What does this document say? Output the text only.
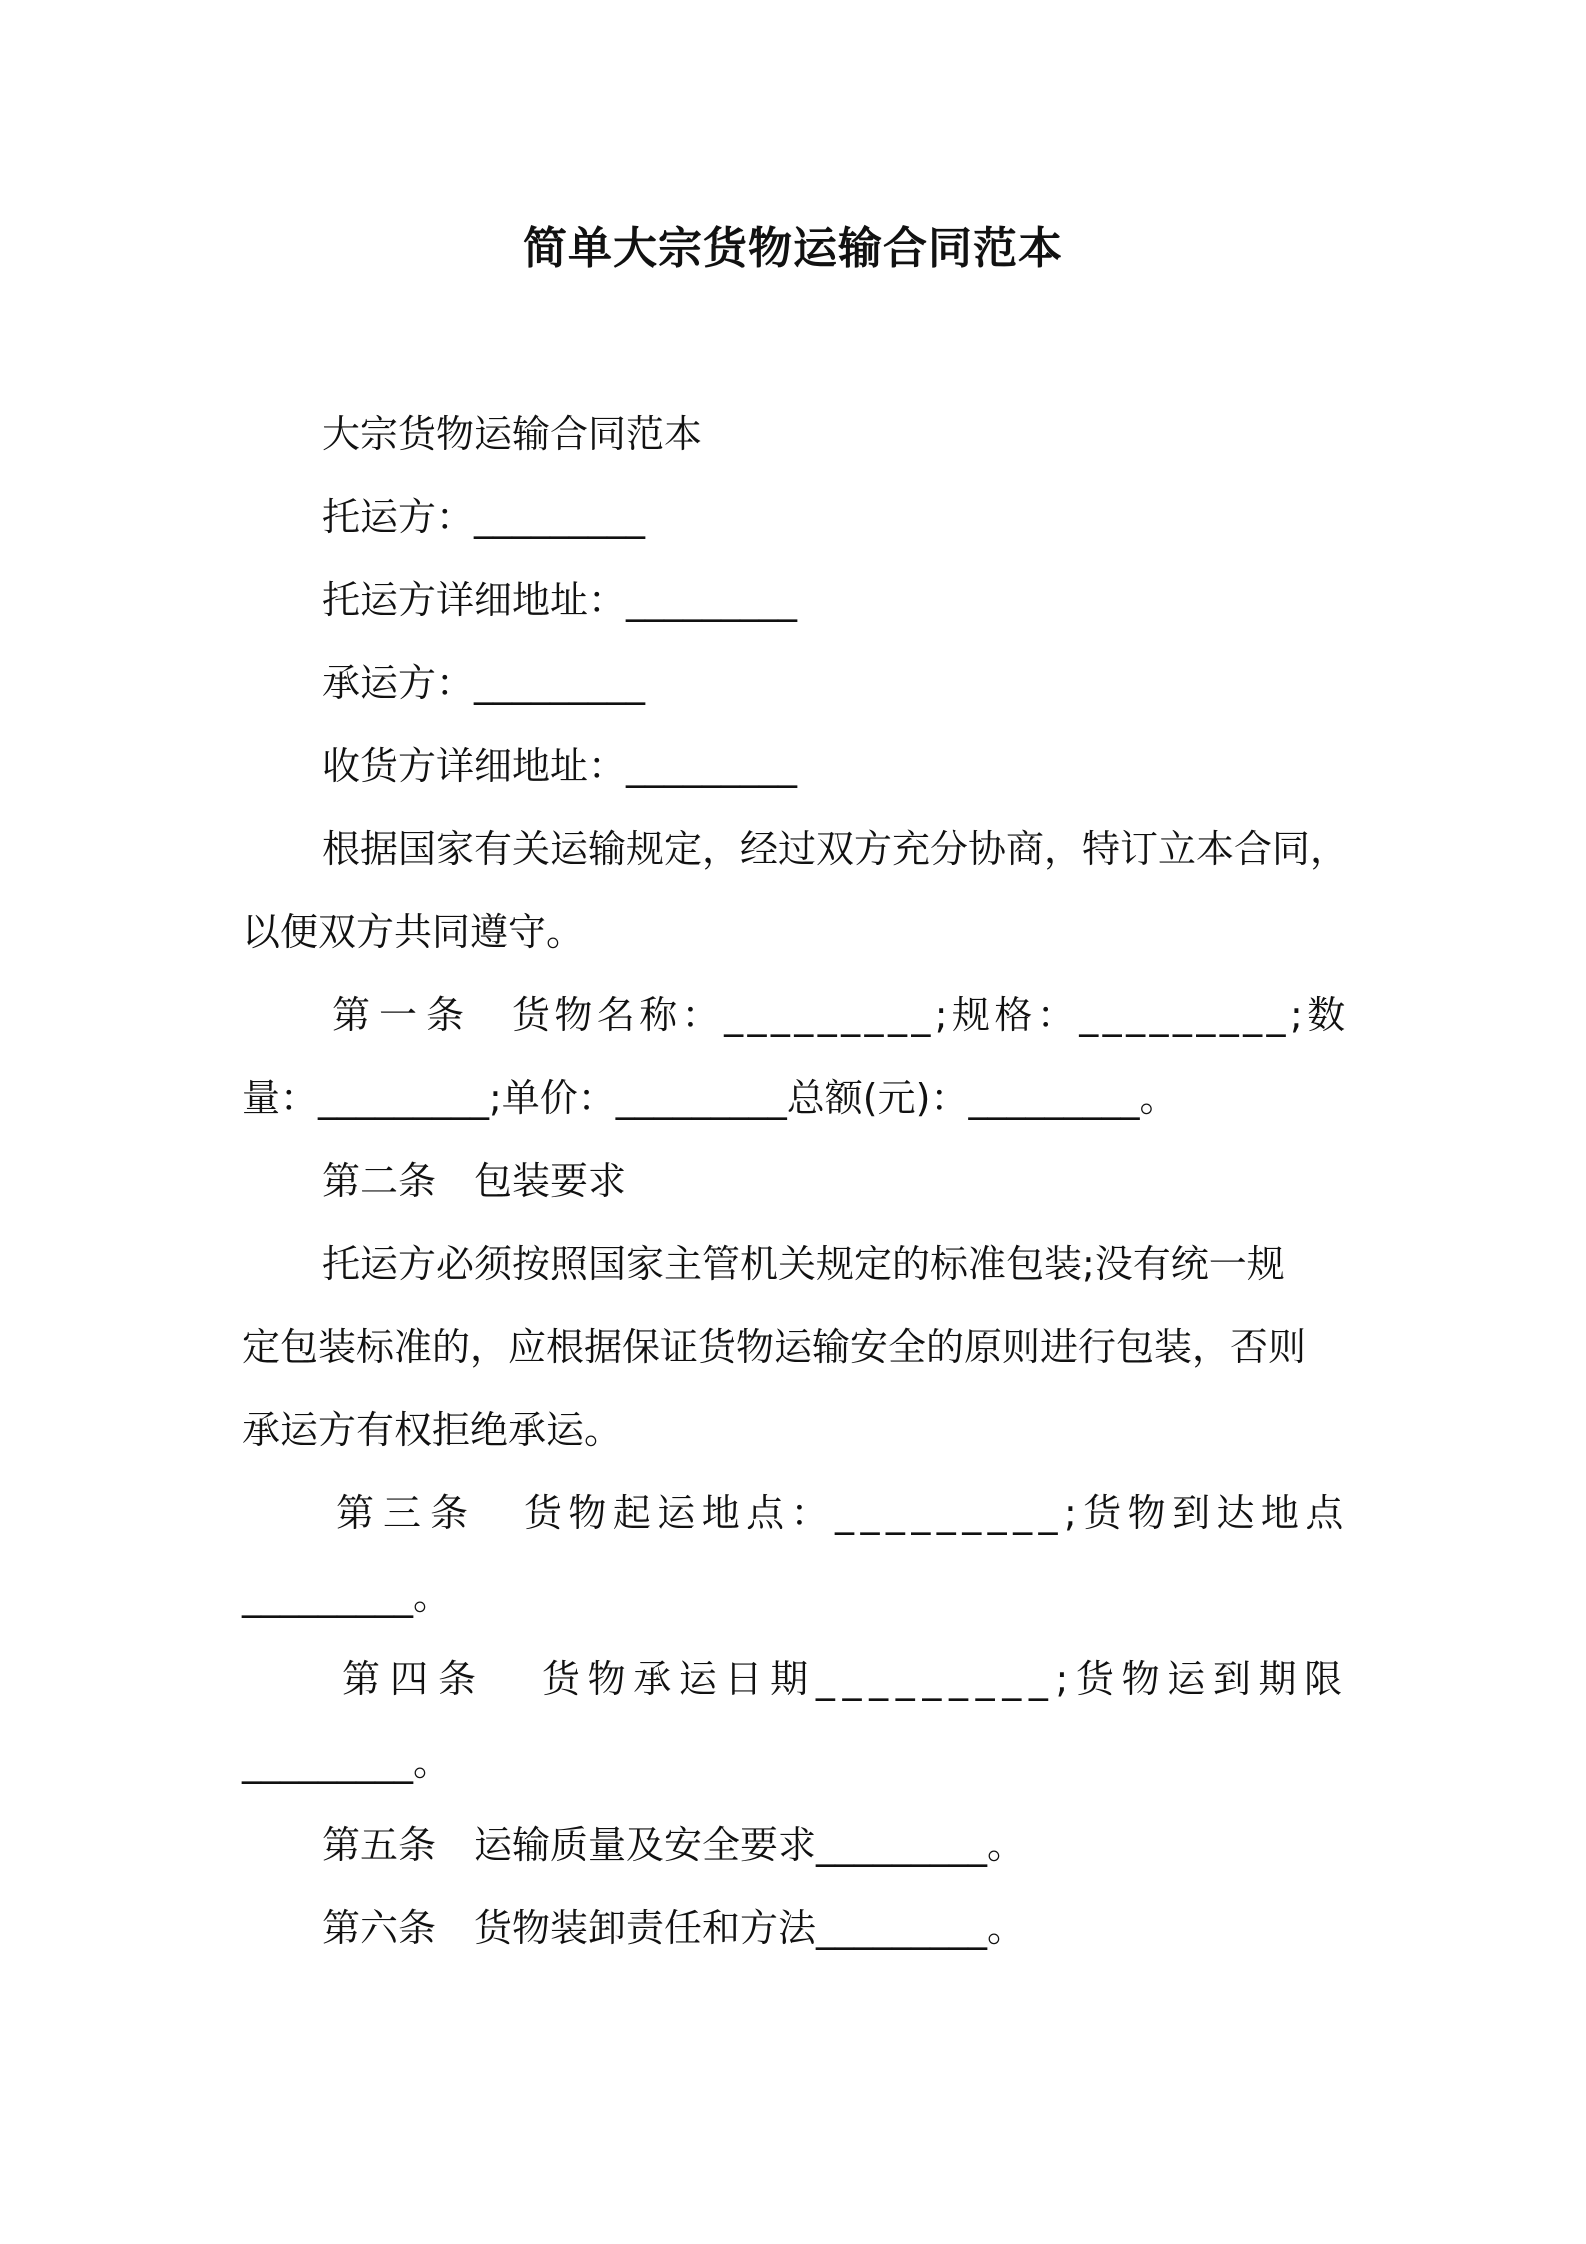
简单大宗货物运输合同范本
大宗货物运输合同范本
托运方：_________
托运方详细地址：_________
承运方：_________
收货方详细地址：_________
根据国家有关运输规定，经过双方充分协商，特订立本合同，
以便双方共同遵守。
第一条 货物名称：_________;规格：_________;数
量：_________;单价：_________总额(元)：_________。
第二条　包装要求
托运方必须按照国家主管机关规定的标准包装;没有统一规
定包装标准的，应根据保证货物运输安全的原则进行包装，否则
承运方有权拒绝承运。
第三条 货物起运地点：_________;货物到达地点
_________。
第四条 货物承运日期_________;货物运到期限
_________。
第五条　运输质量及安全要求_________。
第六条　货物装卸责任和方法_________。
